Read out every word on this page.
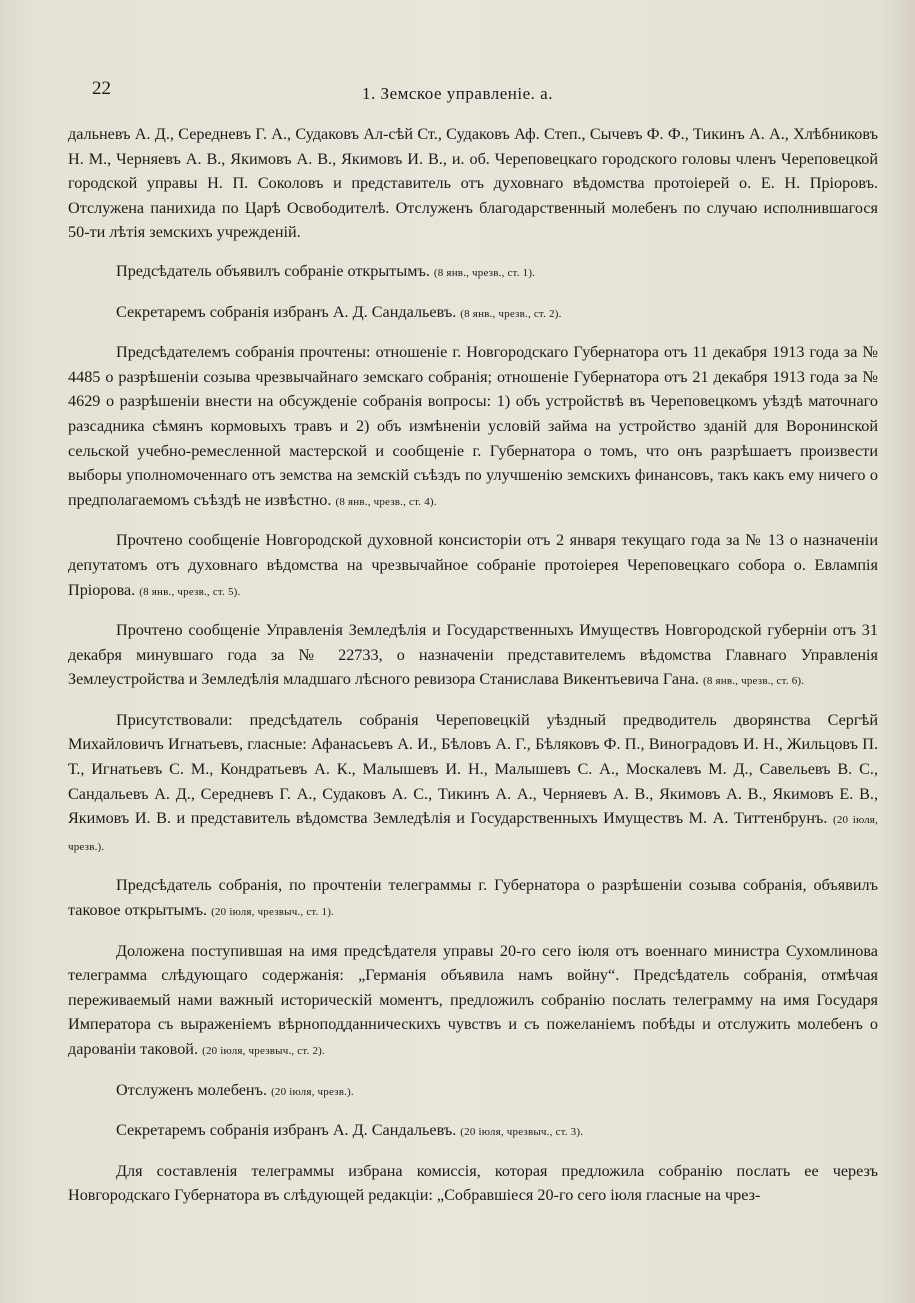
22	1. Земское управленіе. а.

дальневъ А. Д., Середневъ Г. А., Судаковъ Ал-сѣй Ст., Судаковъ Аф. Степ., Сычевъ Ф. Ф., Тикинъ А. А., Хлѣбниковъ Н. М., Черняевъ А. В., Якимовъ А. В., Якимовъ И. В., и. об. Череповецкаго городского головы членъ Череповецкой городской управы Н. П. Соколовъ и представитель отъ духовнаго вѣдомства протоіерей о. Е. Н. Прiоровъ. Отслужена панихида по Царѣ Освободителѣ. Отслуженъ благодарственный молебенъ по случаю исполнившагося 50-ти лѣтія земскихъ учрежденій.

Предсѣдатель объявилъ собраніе открытымъ. (8 янв., чрезв., ст. 1).

Секретаремъ собранія избранъ А. Д. Сандальевъ. (8 янв., чрезв., ст. 2).

Предсѣдателемъ собранія прочтены: отношеніе г. Новгородскаго Губернатора отъ 11 декабря 1913 года за № 4485 о разрѣшеніи созыва чрезвычайнаго земскаго собранія; отношеніе Губернатора отъ 21 декабря 1913 года за № 4629 о разрѣшеніи внести на обсужденіе собранія вопросы: 1) объ устройствѣ въ Череповецкомъ уѣздѣ маточнаго разсадника сѣмянъ кормовыхъ травъ и 2) объ измѣненіи условій займа на устройство зданій для Воронинской сельской учебно-ремесленной мастерской и сообщеніе г. Губернатора о томъ, что онъ разрѣшаетъ произвести выборы уполномоченнаго отъ земства на земскій съѣздъ по улучшенію земскихъ финансовъ, такъ какъ ему ничего о предполагаемомъ съѣздѣ не извѣстно. (8 янв., чрезв., ст. 4).

Прочтено сообщеніе Новгородской духовной консисторіи отъ 2 января текущаго года за № 13 о назначеніи депутатомъ отъ духовнаго вѣдомства на чрезвычайное собраніе протоіерея Череповецкаго собора о. Евлампія Прiорова. (8 янв., чрезв., ст. 5).

Прочтено сообщеніе Управленія Земледѣлія и Государственныхъ Имуществъ Новгородской губерніи отъ 31 декабря минувшаго года за № 22733, о назначеніи представителемъ вѣдомства Главнаго Управленія Землеустройства и Земледѣлія младшаго лѣсного ревизора Станислава Викентьевича Гана. (8 янв., чрезв., ст. 6).

Присутствовали: предсѣдатель собранія Череповецкій уѣздный предводитель дворянства Сергѣй Михайловичъ Игнатьевъ, гласные: Афанасьевъ А. И., Бѣловъ А. Г., Бѣляковъ Ф. П., Виноградовъ И. Н., Жильцовъ П. Т., Игнатьевъ С. М., Кондратьевъ А. К., Малышевъ И. Н., Малышевъ С. А., Москалевъ М. Д., Савельевъ В. С., Сандальевъ А. Д., Середневъ Г. А., Судаковъ А. С., Тикинъ А. А., Черняевъ А. В., Якимовъ А. В., Якимовъ Е. В., Якимовъ И. В. и представитель вѣдомства Земледѣлія и Государственныхъ Имуществъ М. А. Титтенбрунъ. (20 іюля, чрезв.).

Предсѣдатель собранія, по прочтеніи телеграммы г. Губернатора о разрѣшеніи созыва собранія, объявилъ таковое открытымъ. (20 іюля, чрезвыч., ст. 1).

Доложена поступившая на имя предсѣдателя управы 20-го сего іюля отъ военнаго министра Сухомлинова телеграмма слѣдующаго содержанія: „Германія объявила намъ войну“. Предсѣдатель собранія, отмѣчая переживаемый нами важный историческій моментъ, предложилъ собранію послать телеграмму на имя Государя Императора съ выраженіемъ вѣрноподданническихъ чувствъ и съ пожеланіемъ побѣды и отслужить молебенъ о дарованіи таковой. (20 іюля, чрезвыч., ст. 2).

Отслуженъ молебенъ. (20 іюля, чрезв.).

Секретаремъ собранія избранъ А. Д. Сандальевъ. (20 іюля, чрезвыч., ст. 3).

Для составленія телеграммы избрана комиссія, которая предложила собранію послать ее черезъ Новгородскаго Губернатора въ слѣдующей редакціи: „Собравшіеся 20-го сего іюля гласные на чрез-
